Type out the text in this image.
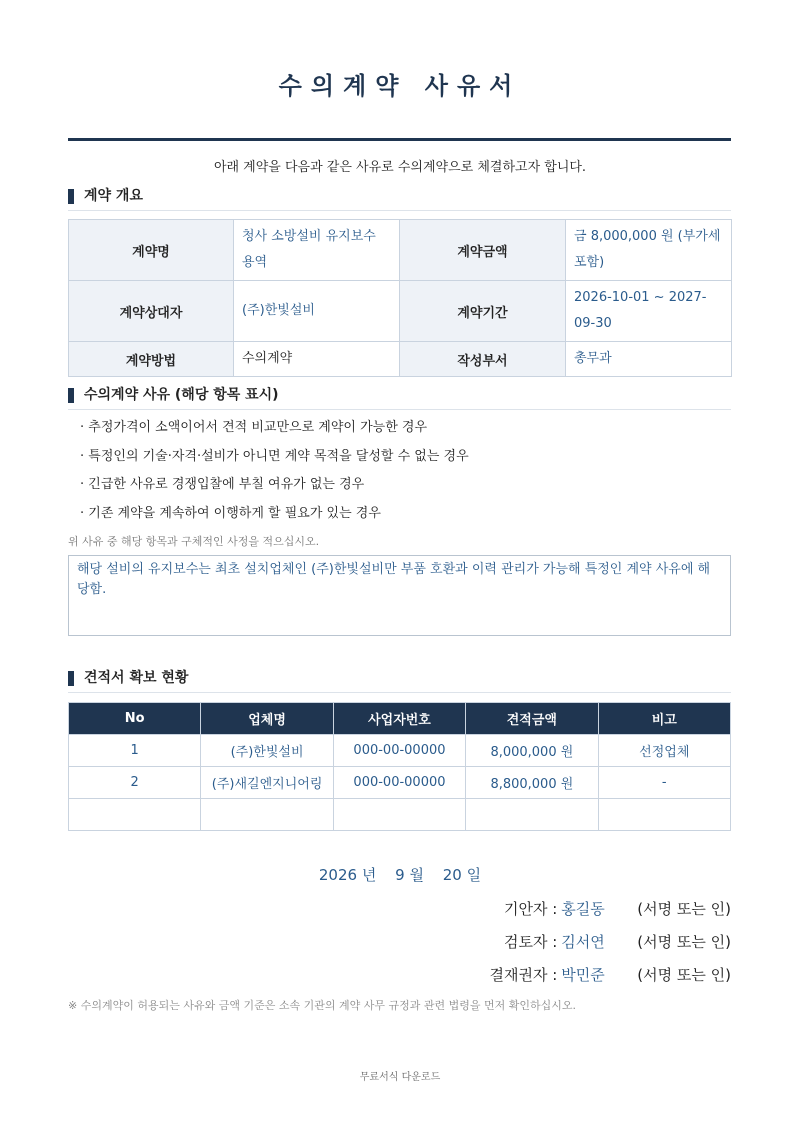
수의계약 사유서
아래 계약을 다음과 같은 사유로 수의계약으로 체결하고자 합니다.
계약 개요
계약명	청사 소방설비 유지보수 용역	계약금액	금 8,000,000 원 (부가세 포함)
계약상대자	(주)한빛설비	계약기간	2026-10-01 ~ 2027-09-30
계약방법	수의계약	작성부서	총무과
수의계약 사유 (해당 항목 표시)
· 추정가격이 소액이어서 견적 비교만으로 계약이 가능한 경우
· 특정인의 기술·자격·설비가 아니면 계약 목적을 달성할 수 없는 경우
· 긴급한 사유로 경쟁입찰에 부칠 여유가 없는 경우
· 기존 계약을 계속하여 이행하게 할 필요가 있는 경우
위 사유 중 해당 항목과 구체적인 사정을 적으십시오.
해당 설비의 유지보수는 최초 설치업체인 (주)한빛설비만 부품 호환과 이력 관리가 가능해 특정인 계약 사유에 해당함.
견적서 확보 현황
No	업체명	사업자번호	견적금액	비고
1	(주)한빛설비	000-00-00000	8,000,000 원	선정업체
2	(주)새길엔지니어링	000-00-00000	8,800,000 원	-

2026 년 9 월 20 일
기안자 : 홍길동	(서명 또는 인)
검토자 : 김서연	(서명 또는 인)
결재권자 : 박민준	(서명 또는 인)
※ 수의계약이 허용되는 사유와 금액 기준은 소속 기관의 계약 사무 규정과 관련 법령을 먼저 확인하십시오.
무료서식 다운로드
